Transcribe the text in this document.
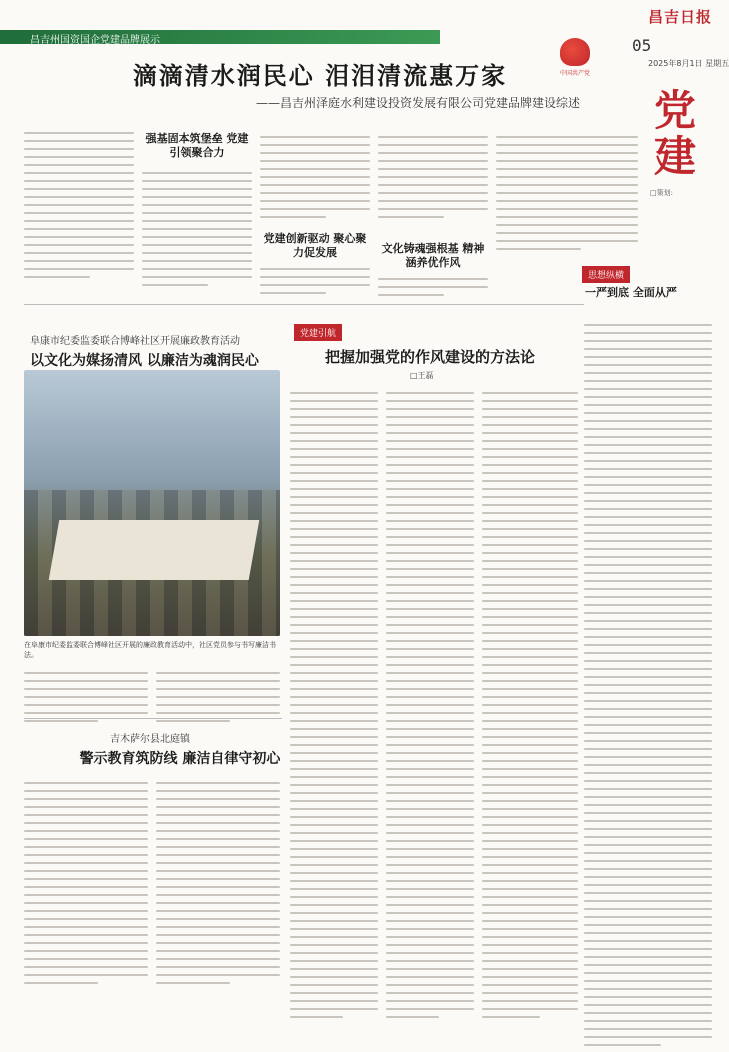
昌吉州国资国企党建品牌展示
昌吉日报
05
2025年8月1日 星期五
中国共产党
党建
□策划:
滴滴清水润民心 泪泪清流惠万家
——昌吉州泽庭水利建设投资发展有限公司党建品牌建设综述
强基固本筑堡垒 党建引领聚合力
党建创新驱动 聚心聚力促发展	文化铸魂强根基 精神涵养优作风
思想纵横
一严到底 全面从严
阜康市纪委监委联合博峰社区开展廉政教育活动
以文化为媒扬清风 以廉洁为魂润民心
在阜康市纪委监委联合博峰社区开展的廉政教育活动中，社区党员参与书写廉洁书法。
党建引航
把握加强党的作风建设的方法论
□王磊
吉木萨尔县北庭镇
警示教育筑防线 廉洁自律守初心
